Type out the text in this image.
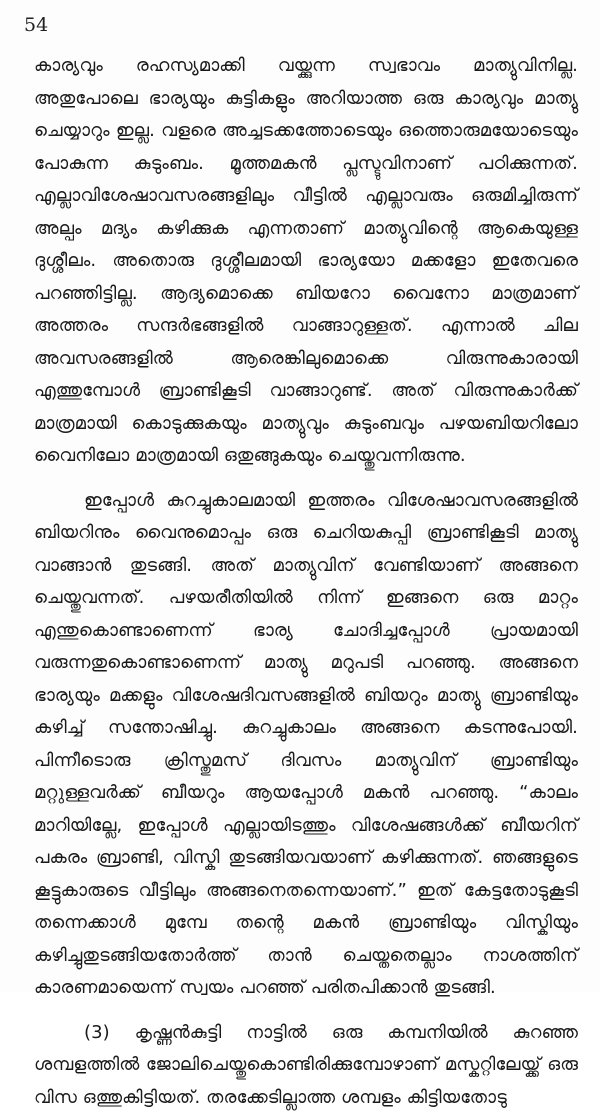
54

കാര്യവും രഹസ്യമാക്കി വയ്ക്കുന്ന സ്വഭാവം മാത്യുവിനില്ല. അതുപോലെ ഭാര്യയും കുട്ടികളും അറിയാത്ത ഒരു കാര്യവും മാത്യു ചെയ്യാറും ഇല്ല. വളരെ അച്ചടക്കത്തോടെയും ഒത്തൊരുമയോടെയും പോകുന്ന കുടുംബം. മൂത്തമകൻ പ്ലസ്ടുവിനാണ് പഠിക്കുന്നത്. എല്ലാവിശേഷാവസരങ്ങളിലും വീട്ടിൽ എല്ലാവരും ഒരുമിച്ചിരുന്ന് അല്പം മദ്യം കഴിക്കുക എന്നതാണ് മാത്യുവിന്റെ ആകെയുള്ള ദുശ്ശീലം. അതൊരു ദുശ്ശീലമായി ഭാര്യയോ മക്കളോ ഇതേവരെ പറഞ്ഞിട്ടില്ല. ആദ്യമൊക്കെ ബിയറോ വൈനോ മാത്രമാണ് അത്തരം സന്ദർഭങ്ങളിൽ വാങ്ങാറുള്ളത്. എന്നാൽ ചില അവസരങ്ങളിൽ ആരെങ്കിലുമൊക്കെ വിരുന്നുകാരായി എത്തുമ്പോൾ ബ്രാണ്ടികൂടി വാങ്ങാറുണ്ട്. അത് വിരുന്നുകാർക്ക് മാത്രമായി കൊടുക്കുകയും മാത്യുവും കുടുംബവും പഴയബിയറിലോ വൈനിലോ മാത്രമായി ഒതുങ്ങുകയും ചെയ്തുവന്നിരുന്നു.

ഇപ്പോൾ കുറച്ചുകാലമായി ഇത്തരം വിശേഷാവസരങ്ങളിൽ ബിയറിനും വൈനുമൊപ്പം ഒരു ചെറിയകുപ്പി ബ്രാണ്ടികൂടി മാത്യു വാങ്ങാൻ തുടങ്ങി. അത് മാത്യുവിന് വേണ്ടിയാണ് അങ്ങനെ ചെയ്തുവന്നത്. പഴയരീതിയിൽ നിന്ന് ഇങ്ങനെ ഒരു മാറ്റം എന്തുകൊണ്ടാണെന്ന് ഭാര്യ ചോദിച്ചപ്പോൾ പ്രായമായി വരുന്നതുകൊണ്ടാണെന്ന് മാത്യു മറുപടി പറഞ്ഞു. അങ്ങനെ ഭാര്യയും മക്കളും വിശേഷദിവസങ്ങളിൽ ബിയറും മാത്യു ബ്രാണ്ടിയും കഴിച്ച് സന്തോഷിച്ചു. കുറച്ചുകാലം അങ്ങനെ കടന്നുപോയി. പിന്നീടൊരു ക്രിസ്തുമസ് ദിവസം മാത്യുവിന് ബ്രാണ്ടിയും മറ്റുള്ളവർക്ക് ബീയറും ആയപ്പോൾ മകൻ പറഞ്ഞു. “കാലം മാറിയില്ലേ, ഇപ്പോൾ എല്ലായിടത്തും വിശേഷങ്ങൾക്ക് ബീയറിന് പകരം ബ്രാണ്ടി, വിസ്കി തുടങ്ങിയവയാണ് കഴിക്കുന്നത്. ഞങ്ങളുടെ കൂട്ടുകാരുടെ വീട്ടിലും അങ്ങനെതന്നെയാണ്.” ഇത് കേട്ടതോടുകൂടി തന്നെക്കാൾ മുമ്പേ തന്റെ മകൻ ബ്രാണ്ടിയും വിസ്കിയും കഴിച്ചുതുടങ്ങിയതോർത്ത് താൻ ചെയ്തതെല്ലാം നാശത്തിന് കാരണമായെന്ന് സ്വയം പറഞ്ഞ് പരിതപിക്കാൻ തുടങ്ങി.

(3) കൃഷ്ണൻകുട്ടി നാട്ടിൽ ഒരു കമ്പനിയിൽ കുറഞ്ഞ ശമ്പളത്തിൽ ജോലിചെയ്തുകൊണ്ടിരിക്കുമ്പോഴാണ് മസ്കറ്റിലേയ്ക്ക് ഒരു വിസ ഒത്തുകിട്ടിയത്. തരക്കേടില്ലാത്ത ശമ്പളം കിട്ടിയതോടു
